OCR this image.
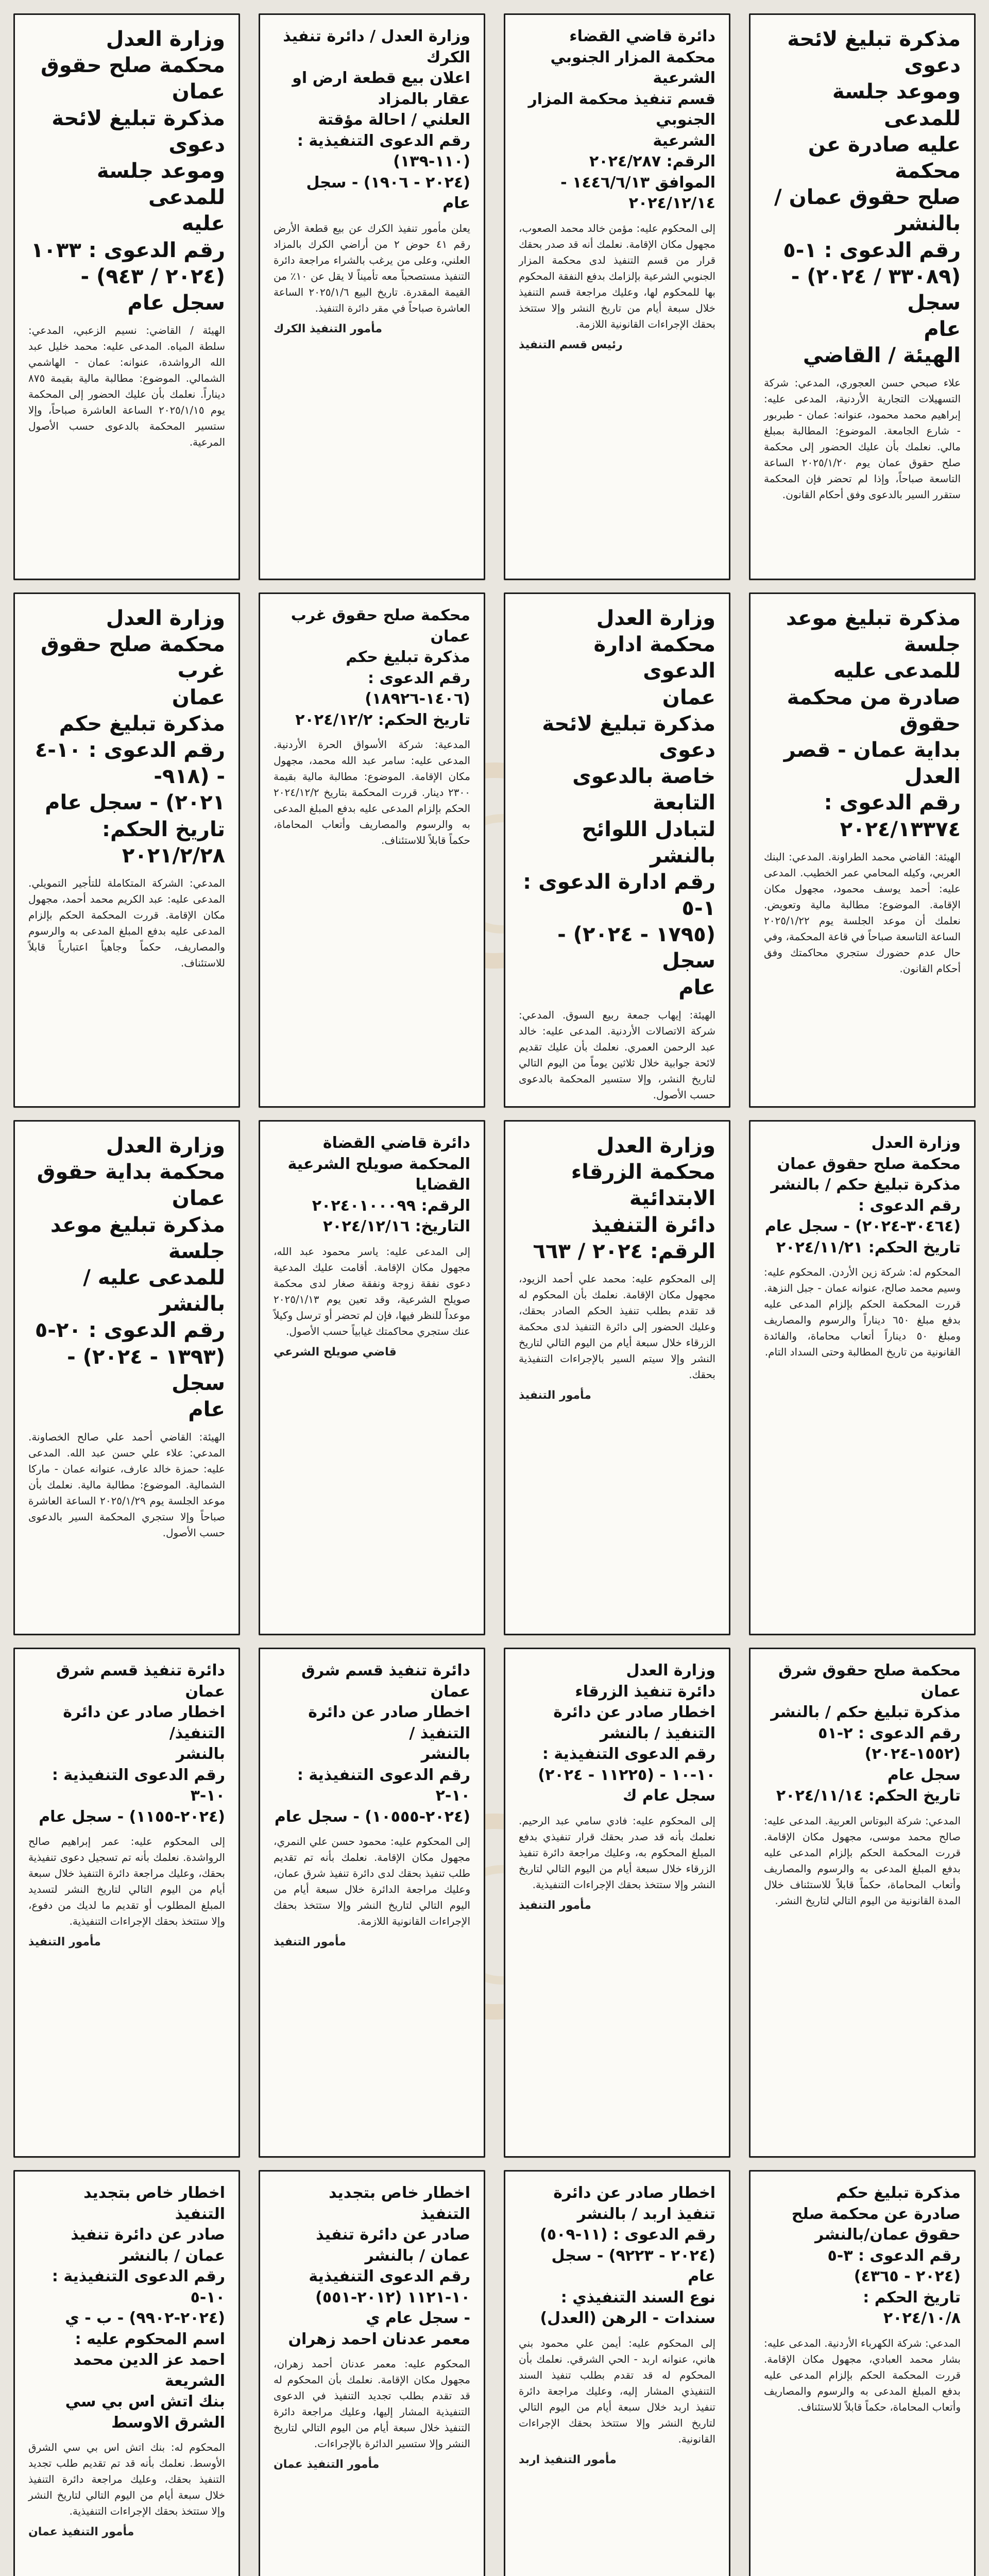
مذكرة تبليغ لائحة دعوى
وموعد جلسة للمدعى
عليه صادرة عن محكمة
صلح حقوق عمان / بالنشر
رقم الدعوى : ١-٥
(٣٣٠٨٩ / ٢٠٢٤) - سجل
عام
الهيئة / القاضي
علاء صبحي حسن العجوري، المدعي: شركة التسهيلات التجارية الأردنية، المدعى عليه: إبراهيم محمد محمود، عنوانه: عمان - طبربور - شارع الجامعة. الموضوع: المطالبة بمبلغ مالي. نعلمك بأن عليك الحضور إلى محكمة صلح حقوق عمان يوم ٢٠٢٥/١/٢٠ الساعة التاسعة صباحاً، وإذا لم تحضر فإن المحكمة ستقرر السير بالدعوى وفق أحكام القانون.
دائرة قاضي القضاء
محكمة المزار الجنوبي الشرعية
قسم تنفيذ محكمة المزار الجنوبي
الشرعية
الرقم: ٢٠٢٤/٢٨٧
الموافق ١٤٤٦/٦/١٣ - ٢٠٢٤/١٢/١٤
إلى المحكوم عليه: مؤمن خالد محمد الصعوب، مجهول مكان الإقامة. نعلمك أنه قد صدر بحقك قرار من قسم التنفيذ لدى محكمة المزار الجنوبي الشرعية بإلزامك بدفع النفقة المحكوم بها للمحكوم لها، وعليك مراجعة قسم التنفيذ خلال سبعة أيام من تاريخ النشر وإلا ستتخذ بحقك الإجراءات القانونية اللازمة.
رئيس قسم التنفيذ
وزارة العدل / دائرة تنفيذ الكرك
اعلان بيع قطعة ارض او عقار بالمزاد
العلني / احالة مؤقتة
رقم الدعوى التنفيذية : (١١٠-١٣٩)
(٢٠٢٤ - ١٩٠٦) - سجل عام
يعلن مأمور تنفيذ الكرك عن بيع قطعة الأرض رقم ٤١ حوض ٢ من أراضي الكرك بالمزاد العلني، وعلى من يرغب بالشراء مراجعة دائرة التنفيذ مستصحباً معه تأميناً لا يقل عن ١٠٪ من القيمة المقدرة. تاريخ البيع ٢٠٢٥/١/٦ الساعة العاشرة صباحاً في مقر دائرة التنفيذ.
مأمور التنفيذ الكرك
وزارة العدل
محكمة صلح حقوق عمان
مذكرة تبليغ لائحة دعوى
وموعد جلسة للمدعى
عليه
رقم الدعوى : ١٠٣٣
(٢٠٢٤ / ٩٤٣) - سجل عام
الهيئة / القاضي: نسيم الزعبي، المدعي: سلطة المياه. المدعى عليه: محمد خليل عبد الله الرواشدة، عنوانه: عمان - الهاشمي الشمالي. الموضوع: مطالبة مالية بقيمة ٨٧٥ ديناراً. نعلمك بأن عليك الحضور إلى المحكمة يوم ٢٠٢٥/١/١٥ الساعة العاشرة صباحاً، وإلا ستسير المحكمة بالدعوى حسب الأصول المرعية.
مذكرة تبليغ موعد جلسة
للمدعى عليه
صادرة من محكمة حقوق
بداية عمان - قصر العدل
رقم الدعوى :
٢٠٢٤/١٣٣٧٤
الهيئة: القاضي محمد الطراونة. المدعي: البنك العربي، وكيله المحامي عمر الخطيب. المدعى عليه: أحمد يوسف محمود، مجهول مكان الإقامة. الموضوع: مطالبة مالية وتعويض. نعلمك أن موعد الجلسة يوم ٢٠٢٥/١/٢٢ الساعة التاسعة صباحاً في قاعة المحكمة، وفي حال عدم حضورك ستجري محاكمتك وفق أحكام القانون.
وزارة العدل
محكمة ادارة الدعوى
عمان
مذكرة تبليغ لائحة دعوى
خاصة بالدعوى التابعة
لتبادل اللوائح بالنشر
رقم ادارة الدعوى : ١-٥
(١٧٩٥ - ٢٠٢٤) - سجل
عام
الهيئة: إيهاب جمعة ربيع السوق. المدعي: شركة الاتصالات الأردنية. المدعى عليه: خالد عبد الرحمن العمري. نعلمك بأن عليك تقديم لائحة جوابية خلال ثلاثين يوماً من اليوم التالي لتاريخ النشر، وإلا ستسير المحكمة بالدعوى حسب الأصول.
محكمة صلح حقوق غرب عمان
مذكرة تبليغ حكم
رقم الدعوى : (١٤٠٦-١٨٩٢٦)
تاريخ الحكم: ٢٠٢٤/١٢/٢
المدعية: شركة الأسواق الحرة الأردنية. المدعى عليه: سامر عبد الله محمد، مجهول مكان الإقامة. الموضوع: مطالبة مالية بقيمة ٢٣٠٠ دينار. قررت المحكمة بتاريخ ٢٠٢٤/١٢/٢ الحكم بإلزام المدعى عليه بدفع المبلغ المدعى به والرسوم والمصاريف وأتعاب المحاماة، حكماً قابلاً للاستئناف.
وزارة العدل
محكمة صلح حقوق غرب
عمان
مذكرة تبليغ حكم
رقم الدعوى : ١٠-٤ - (٩١٨-
٢٠٢١) - سجل عام
تاريخ الحكم: ٢٠٢١/٢/٢٨
المدعي: الشركة المتكاملة للتأجير التمويلي. المدعى عليه: عبد الكريم محمد أحمد، مجهول مكان الإقامة. قررت المحكمة الحكم بإلزام المدعى عليه بدفع المبلغ المدعى به والرسوم والمصاريف، حكماً وجاهياً اعتبارياً قابلاً للاستئناف.
وزارة العدل
محكمة صلح حقوق عمان
مذكرة تبليغ حكم / بالنشر
رقم الدعوى : (٣٠٤٦٤-٢٠٢٤) - سجل عام
تاريخ الحكم: ٢٠٢٤/١١/٢١
المحكوم له: شركة زين الأردن. المحكوم عليه: وسيم محمد صالح، عنوانه عمان - جبل النزهة. قررت المحكمة الحكم بإلزام المدعى عليه بدفع مبلغ ٦٥٠ ديناراً والرسوم والمصاريف ومبلغ ٥٠ ديناراً أتعاب محاماة، والفائدة القانونية من تاريخ المطالبة وحتى السداد التام.
وزارة العدل
محكمة الزرقاء الابتدائية
دائرة التنفيذ
الرقم: ٢٠٢٤ / ٦٦٣
إلى المحكوم عليه: محمد علي أحمد الزيود، مجهول مكان الإقامة. نعلمك بأن المحكوم له قد تقدم بطلب تنفيذ الحكم الصادر بحقك، وعليك الحضور إلى دائرة التنفيذ لدى محكمة الزرقاء خلال سبعة أيام من اليوم التالي لتاريخ النشر وإلا سيتم السير بالإجراءات التنفيذية بحقك.
مأمور التنفيذ
دائرة قاضي القضاة
المحكمة صويلح الشرعية
القضايا
الرقم: ٢٠٢٤٠١٠٠٠٩٩
التاريخ: ٢٠٢٤/١٢/١٦
إلى المدعى عليه: ياسر محمود عبد الله، مجهول مكان الإقامة. أقامت عليك المدعية دعوى نفقة زوجة ونفقة صغار لدى محكمة صويلح الشرعية، وقد تعين يوم ٢٠٢٥/١/١٣ موعداً للنظر فيها، فإن لم تحضر أو ترسل وكيلاً عنك ستجري محاكمتك غيابياً حسب الأصول.
قاضي صويلح الشرعي
وزارة العدل
محكمة بداية حقوق عمان
مذكرة تبليغ موعد جلسة
للمدعى عليه / بالنشر
رقم الدعوى : ٢٠-٥
(١٣٩٣ - ٢٠٢٤) - سجل
عام
الهيئة: القاضي أحمد علي صالح الخصاونة. المدعي: علاء علي حسن عبد الله. المدعى عليه: حمزة خالد عارف، عنوانه عمان - ماركا الشمالية. الموضوع: مطالبة مالية. نعلمك بأن موعد الجلسة يوم ٢٠٢٥/١/٢٩ الساعة العاشرة صباحاً وإلا ستجري المحكمة السير بالدعوى حسب الأصول.
محكمة صلح حقوق شرق عمان
مذكرة تبليغ حكم / بالنشر
رقم الدعوى : ٢-٥١ (١٥٥٢-٢٠٢٤)
سجل عام
تاريخ الحكم: ٢٠٢٤/١١/١٤
المدعي: شركة البوتاس العربية. المدعى عليه: صالح محمد موسى، مجهول مكان الإقامة. قررت المحكمة الحكم بإلزام المدعى عليه بدفع المبلغ المدعى به والرسوم والمصاريف وأتعاب المحاماة، حكماً قابلاً للاستئناف خلال المدة القانونية من اليوم التالي لتاريخ النشر.
وزارة العدل
دائرة تنفيذ الزرقاء
اخطار صادر عن دائرة
التنفيذ / بالنشر
رقم الدعوى التنفيذية :
١٠-١٠ - (١١٢٢٥ - ٢٠٢٤)
سجل عام ك
إلى المحكوم عليه: فادي سامي عبد الرحيم. نعلمك بأنه قد صدر بحقك قرار تنفيذي بدفع المبلغ المحكوم به، وعليك مراجعة دائرة تنفيذ الزرقاء خلال سبعة أيام من اليوم التالي لتاريخ النشر وإلا ستتخذ بحقك الإجراءات التنفيذية.
مأمور التنفيذ
دائرة تنفيذ قسم شرق عمان
اخطار صادر عن دائرة التنفيذ /
بالنشر
رقم الدعوى التنفيذية : ١٠-٢
(٢٠٢٤-١٠٥٥٥) - سجل عام
إلى المحكوم عليه: محمود حسن علي النمري، مجهول مكان الإقامة. نعلمك بأنه تم تقديم طلب تنفيذ بحقك لدى دائرة تنفيذ شرق عمان، وعليك مراجعة الدائرة خلال سبعة أيام من اليوم التالي لتاريخ النشر وإلا ستتخذ بحقك الإجراءات القانونية اللازمة.
مأمور التنفيذ
دائرة تنفيذ قسم شرق عمان
اخطار صادر عن دائرة التنفيذ/
بالنشر
رقم الدعوى التنفيذية : ١٠-٣
(٢٠٢٤-١١٥٥) - سجل عام
إلى المحكوم عليه: عمر إبراهيم صالح الرواشدة. نعلمك بأنه تم تسجيل دعوى تنفيذية بحقك، وعليك مراجعة دائرة التنفيذ خلال سبعة أيام من اليوم التالي لتاريخ النشر لتسديد المبلغ المطلوب أو تقديم ما لديك من دفوع، وإلا ستتخذ بحقك الإجراءات التنفيذية.
مأمور التنفيذ
مذكرة تبليغ حكم
صادرة عن محكمة صلح
حقوق عمان/بالنشر
رقم الدعوى : ٣-٥
(٢٠٢٤ - ٤٣٦٥)
تاريخ الحكم :
٢٠٢٤/١٠/٨
المدعي: شركة الكهرباء الأردنية. المدعى عليه: بشار محمد العبادي، مجهول مكان الإقامة. قررت المحكمة الحكم بإلزام المدعى عليه بدفع المبلغ المدعى به والرسوم والمصاريف وأتعاب المحاماة، حكماً قابلاً للاستئناف.
اخطار صادر عن دائرة
تنفيذ اربد / بالنشر
رقم الدعوى : (١١-٥٠٩)
(٢٠٢٤ - ٩٢٢٣) - سجل عام
نوع السند التنفيذي :
سندات - الرهن (العدل)
إلى المحكوم عليه: أيمن علي محمود بني هاني، عنوانه اربد - الحي الشرقي. نعلمك بأن المحكوم له قد تقدم بطلب تنفيذ السند التنفيذي المشار إليه، وعليك مراجعة دائرة تنفيذ اربد خلال سبعة أيام من اليوم التالي لتاريخ النشر وإلا ستتخذ بحقك الإجراءات القانونية.
مأمور التنفيذ اربد
اخطار خاص بتجديد التنفيذ
صادر عن دائرة تنفيذ
عمان / بالنشر
رقم الدعوى التنفيذية
١٠-١١٢١ (٢٠١٢-٥٥١)
- سجل عام ي
معمر عدنان احمد زهران
المحكوم عليه: معمر عدنان أحمد زهران، مجهول مكان الإقامة. نعلمك بأن المحكوم له قد تقدم بطلب تجديد التنفيذ في الدعوى التنفيذية المشار إليها، وعليك مراجعة دائرة التنفيذ خلال سبعة أيام من اليوم التالي لتاريخ النشر وإلا ستسير الدائرة بالإجراءات.
مأمور التنفيذ عمان
اخطار خاص بتجديد التنفيذ
صادر عن دائرة تنفيذ
عمان / بالنشر
رقم الدعوى التنفيذية : ١٠-٥
(٢٠٢٤-٩٩٠٢) - ب - ي
اسم المحكوم عليه :
احمد عز الدين محمد الشريعة
بنك اتش اس بي سي
الشرق الاوسط
المحكوم له: بنك اتش اس بي سي الشرق الأوسط. نعلمك بأنه قد تم تقديم طلب تجديد التنفيذ بحقك، وعليك مراجعة دائرة التنفيذ خلال سبعة أيام من اليوم التالي لتاريخ النشر وإلا ستتخذ بحقك الإجراءات التنفيذية.
مأمور التنفيذ عمان
